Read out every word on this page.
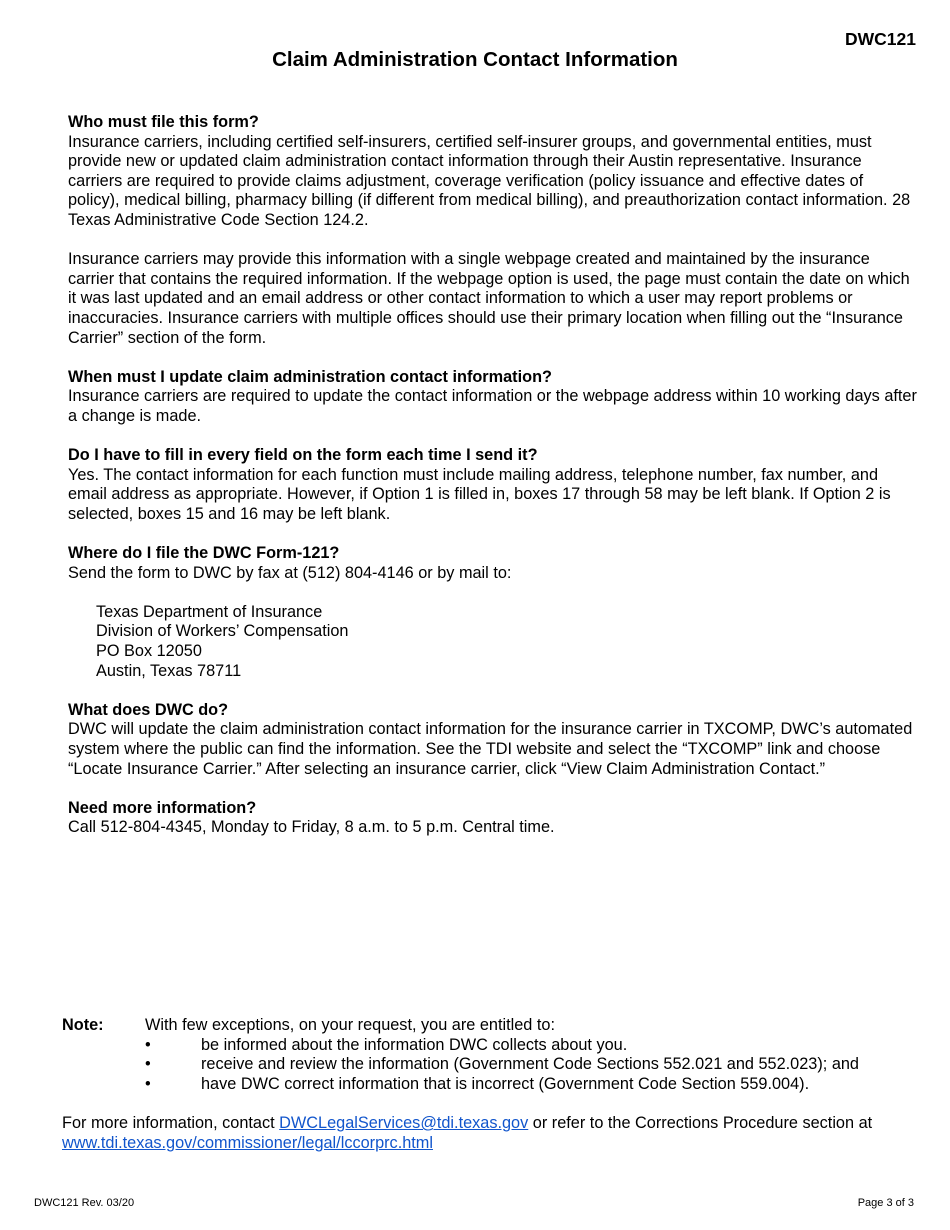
DWC121
Claim Administration Contact Information
Who must file this form?
Insurance carriers, including certified self-insurers, certified self-insurer groups, and governmental entities, must provide new or updated claim administration contact information through their Austin representative. Insurance carriers are required to provide claims adjustment, coverage verification (policy issuance and effective dates of policy), medical billing, pharmacy billing (if different from medical billing), and preauthorization contact information. 28 Texas Administrative Code Section 124.2.
Insurance carriers may provide this information with a single webpage created and maintained by the insurance carrier that contains the required information. If the webpage option is used, the page must contain the date on which it was last updated and an email address or other contact information to which a user may report problems or inaccuracies. Insurance carriers with multiple offices should use their primary location when filling out the “Insurance Carrier” section of the form.
When must I update claim administration contact information?
Insurance carriers are required to update the contact information or the webpage address within 10 working days after a change is made.
Do I have to fill in every field on the form each time I send it?
Yes. The contact information for each function must include mailing address, telephone number, fax number, and email address as appropriate. However, if Option 1 is filled in, boxes 17 through 58 may be left blank. If Option 2 is selected, boxes 15 and 16 may be left blank.
Where do I file the DWC Form-121?
Send the form to DWC by fax at (512) 804-4146 or by mail to:
Texas Department of Insurance
Division of Workers’ Compensation
PO Box 12050
Austin, Texas 78711
What does DWC do?
DWC will update the claim administration contact information for the insurance carrier in TXCOMP, DWC’s automated system where the public can find the information. See the TDI website and select the “TXCOMP” link and choose “Locate Insurance Carrier.” After selecting an insurance carrier, click “View Claim Administration Contact.”
Need more information?
Call 512-804-4345, Monday to Friday, 8 a.m. to 5 p.m. Central time.
Note:	With few exceptions, on your request, you are entitled to:
•	be informed about the information DWC collects about you.
•	receive and review the information (Government Code Sections 552.021 and 552.023); and
•	have DWC correct information that is incorrect (Government Code Section 559.004).
For more information, contact DWCLegalServices@tdi.texas.gov or refer to the Corrections Procedure section at
www.tdi.texas.gov/commissioner/legal/lccorprc.html
DWC121 Rev. 03/20	Page 3 of 3
